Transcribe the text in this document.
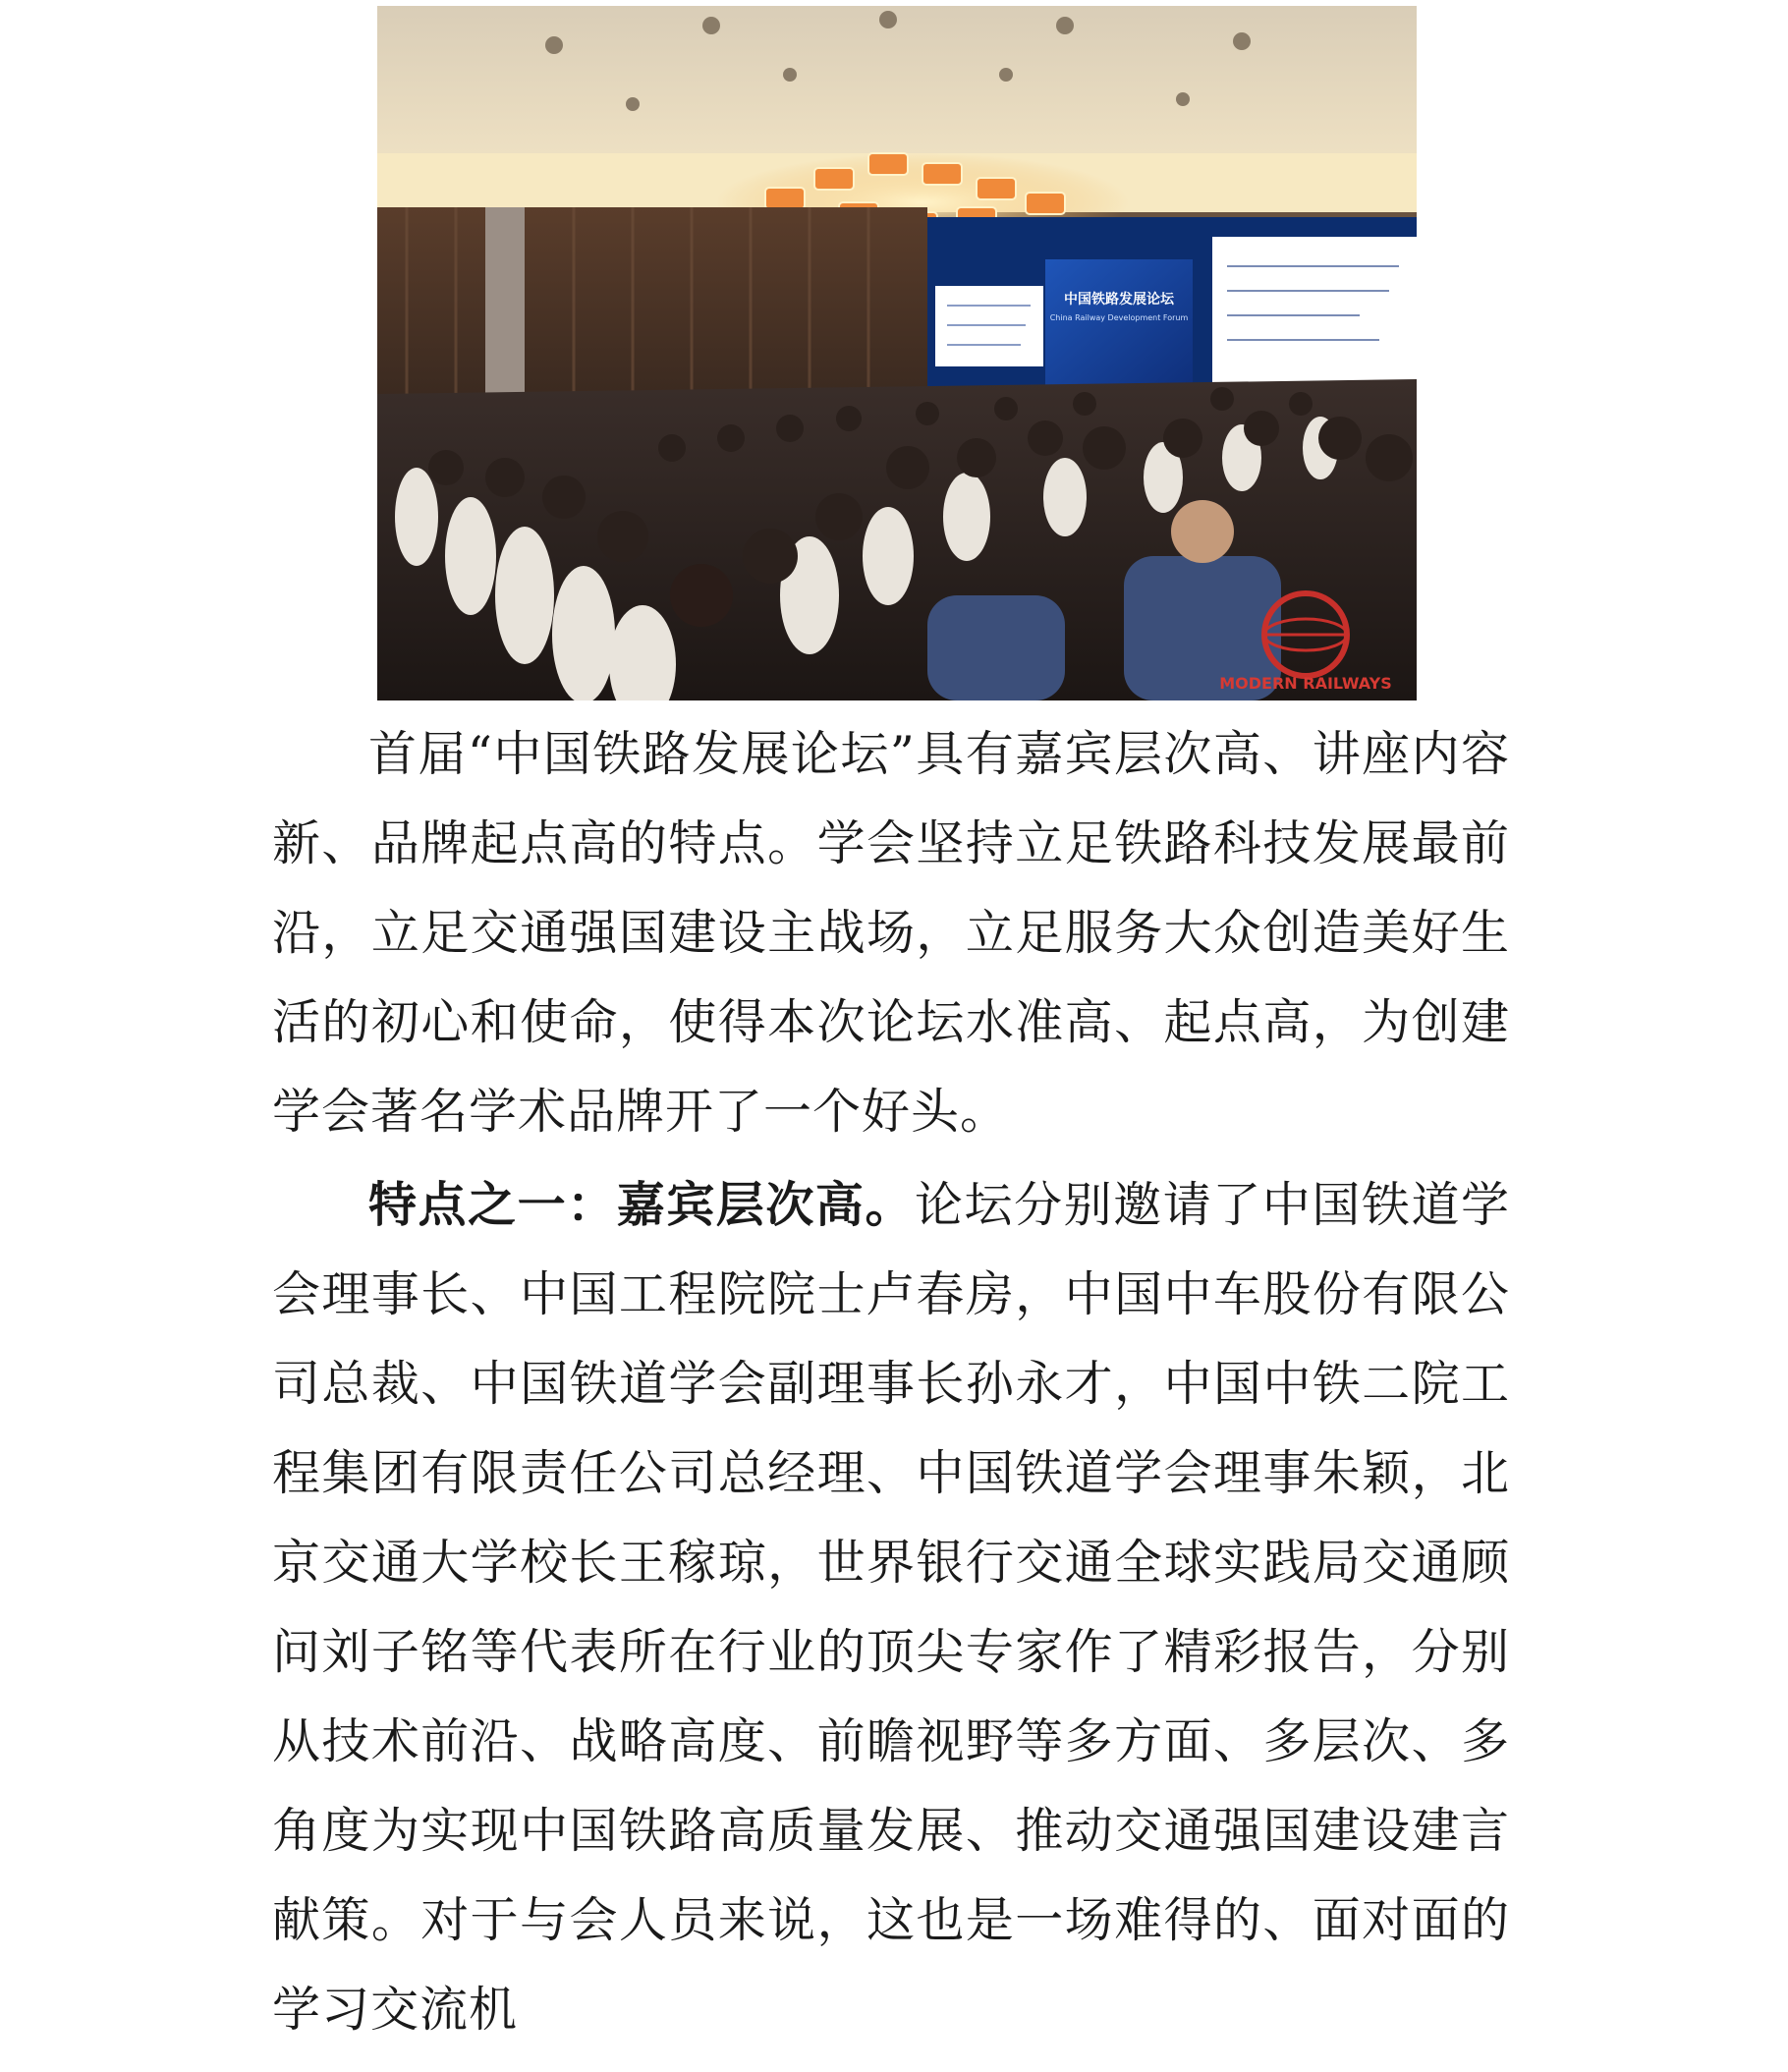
中国铁路发展论坛
China Railway Development Forum
MODERN RAILWAYS

首届“中国铁路发展论坛”具有嘉宾层次高、讲座内容新、品牌起点高的特点。学会坚持立足铁路科技发展最前沿，立足交通强国建设主战场，立足服务大众创造美好生活的初心和使命，使得本次论坛水准高、起点高，为创建学会著名学术品牌开了一个好头。

特点之一：嘉宾层次高。论坛分别邀请了中国铁道学会理事长、中国工程院院士卢春房，中国中车股份有限公司总裁、中国铁道学会副理事长孙永才，中国中铁二院工程集团有限责任公司总经理、中国铁道学会理事朱颖，北京交通大学校长王稼琼，世界银行交通全球实践局交通顾问刘子铭等代表所在行业的顶尖专家作了精彩报告，分别从技术前沿、战略高度、前瞻视野等多方面、多层次、多角度为实现中国铁路高质量发展、推动交通强国建设建言献策。对于与会人员来说，这也是一场难得的、面对面的学习交流机
